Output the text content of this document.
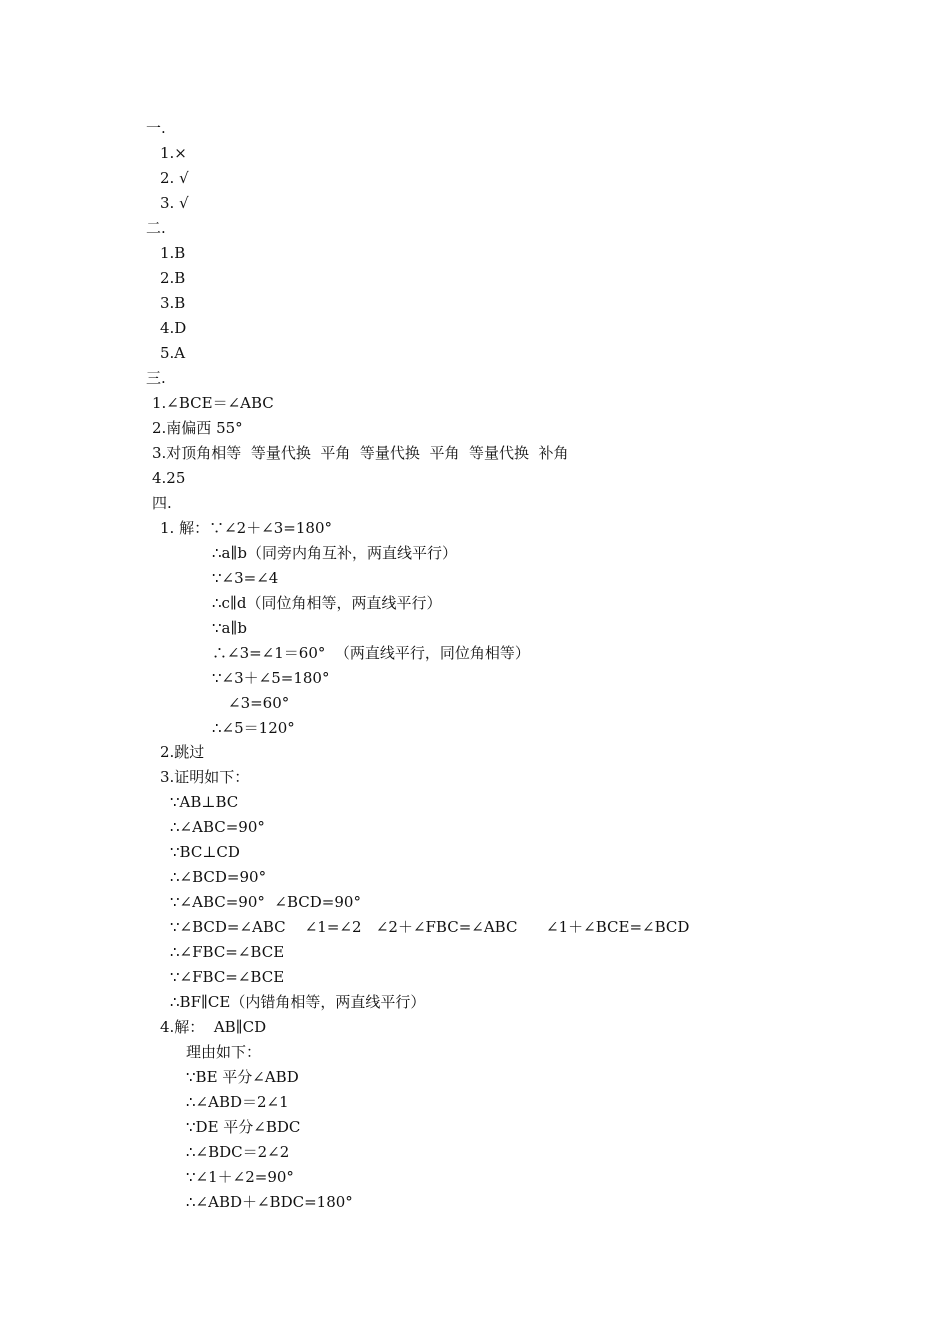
一.
1.×
2. √
3. √
二.
1.B
2.B
3.B
4.D
5.A
三.
1.∠BCE＝∠ABC
2.南偏西 55°
3.对顶角相等  等量代换  平角  等量代换  平角  等量代换  补角
4.25
四.
1. 解：∵∠2＋∠3=180°
∴a∥b（同旁内角互补，两直线平行）
∵∠3=∠4
∴c∥d（同位角相等，两直线平行）
∵a∥b
∴∠3=∠1＝60°  （两直线平行，同位角相等）
∵∠3＋∠5=180°
∠3=60°
∴∠5＝120°
2.跳过
3.证明如下：
∵AB⊥BC
∴∠ABC=90°
∵BC⊥CD
∴∠BCD=90°
∵∠ABC=90°  ∠BCD=90°
∵∠BCD=∠ABC    ∠1=∠2   ∠2＋∠FBC=∠ABC      ∠1＋∠BCE=∠BCD
∴∠FBC=∠BCE
∵∠FBC=∠BCE
∴BF∥CE（内错角相等，两直线平行）
4.解：  AB∥CD
理由如下：
∵BE 平分∠ABD
∴∠ABD＝2∠1
∵DE 平分∠BDC
∴∠BDC＝2∠2
∵∠1＋∠2=90°
∴∠ABD＋∠BDC=180°
